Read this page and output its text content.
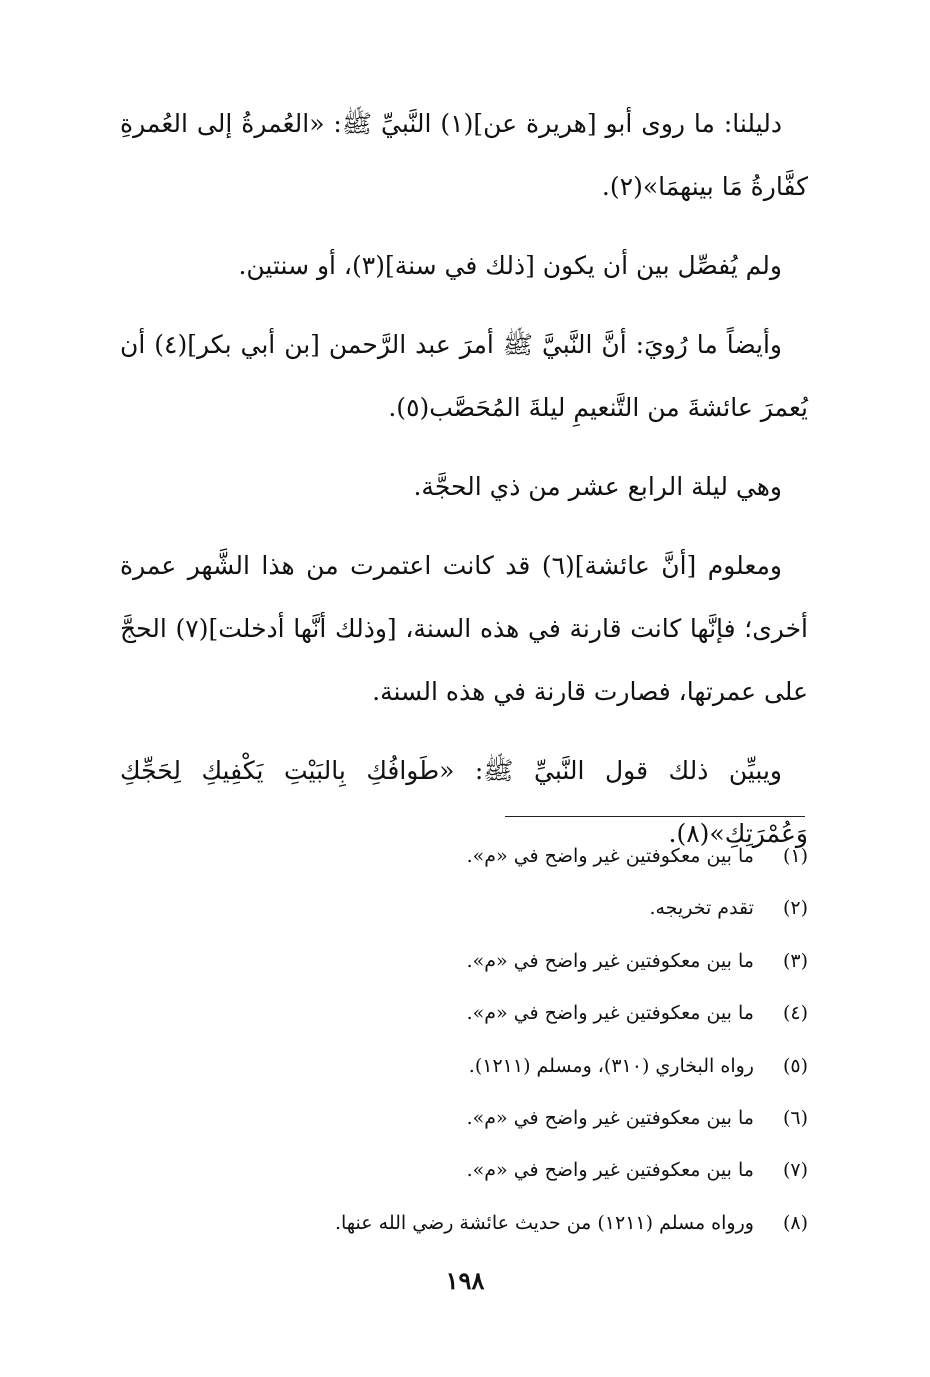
دليلنا: ما روى أبو [هريرة عن](١) النَّبيِّ ﷺ: «العُمرةُ إلى العُمرةِ كفَّارةُ مَا بينهمَا»(٢).

ولم يُفصِّل بين أن يكون [ذلك في سنة](٣)، أو سنتين.

وأيضاً ما رُويَ: أنَّ النَّبيَّ ﷺ أمرَ عبد الرَّحمن [بن أبي بكر](٤) أن يُعمرَ عائشةَ من التَّنعيمِ ليلةَ المُحَصَّب(٥).

وهي ليلة الرابع عشر من ذي الحجَّة.

ومعلوم [أنَّ عائشة](٦) قد كانت اعتمرت من هذا الشَّهر عمرة أخرى؛ فإنَّها كانت قارنة في هذه السنة، [وذلك أنَّها أدخلت](٧) الحجَّ على عمرتها، فصارت قارنة في هذه السنة.

ويبيِّن ذلك قول النَّبيِّ ﷺ: «طَوافُكِ بِالبَيْتِ يَكْفِيكِ لِحَجِّكِ وَعُمْرَتِكِ»(٨).

(١) ما بين معكوفتين غير واضح في «م».
(٢) تقدم تخريجه.
(٣) ما بين معكوفتين غير واضح في «م».
(٤) ما بين معكوفتين غير واضح في «م».
(٥) رواه البخاري (٣١٠)، ومسلم (١٢١١).
(٦) ما بين معكوفتين غير واضح في «م».
(٧) ما بين معكوفتين غير واضح في «م».
(٨) ورواه مسلم (١٢١١) من حديث عائشة رضي الله عنها.
١٩٨
